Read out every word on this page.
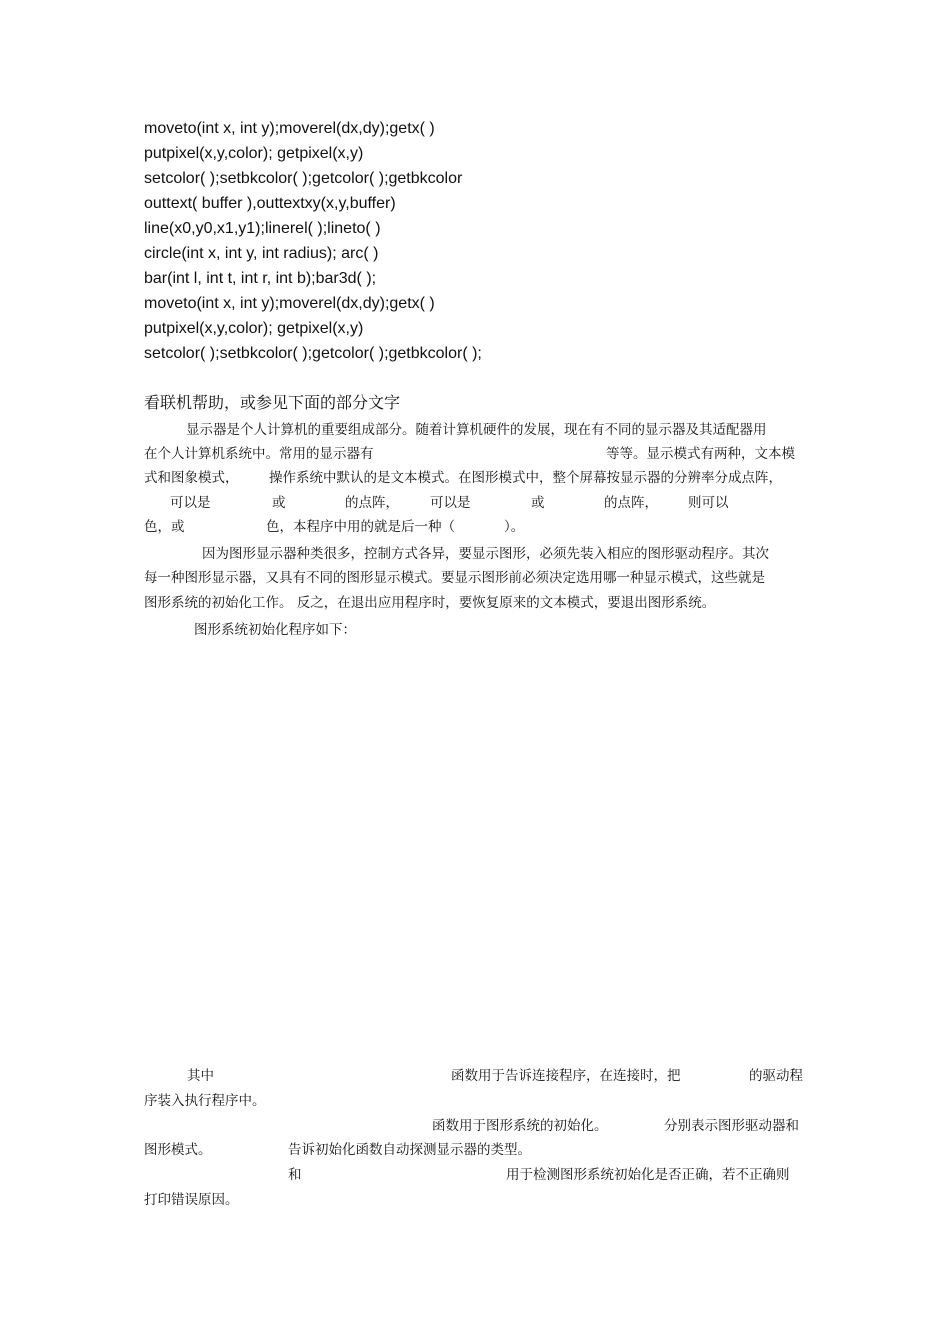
moveto(int x, int y);moverel(dx,dy);getx( )
putpixel(x,y,color); getpixel(x,y)
setcolor( );setbkcolor( );getcolor( );getbkcolor
outtext( buffer ),outtextxy(x,y,buffer)
line(x0,y0,x1,y1);linerel( );lineto( )
circle(int x, int y, int radius); arc( )
bar(int l, int t, int r, int b);bar3d( );
moveto(int x, int y);moverel(dx,dy);getx( )
putpixel(x,y,color); getpixel(x,y)
setcolor( );setbkcolor( );getcolor( );getbkcolor( );
看联机帮助，或参见下面的部分文字
显示器是个人计算机的重要组成部分。随着计算机硬件的发展，现在有不同的显示器及其适配器用
在个人计算机系统中。常用的显示器有	等等。显示模式有两种，文本模
式和图象模式， 操作系统中默认的是文本模式。在图形模式中，整个屏幕按显示器的分辨率分成点阵，
可以是	或	的点阵， 可以是	或	的点阵， 则可以
色，或	色，本程序中用的就是后一种（	）。
因为图形显示器种类很多，控制方式各异，要显示图形，必须先装入相应的图形驱动程序。其次
每一种图形显示器，又具有不同的图形显示模式。要显示图形前必须决定选用哪一种显示模式，这些就是
图形系统的初始化工作。 反之，在退出应用程序时，要恢复原来的文本模式，要退出图形系统。
图形系统初始化程序如下：
其中	函数用于告诉连接程序，在连接时，把	的驱动程
序装入执行程序中。
函数用于图形系统的初始化。	分别表示图形驱动器和
图形模式。	告诉初始化函数自动探测显示器的类型。
和	用于检测图形系统初始化是否正确，若不正确则
打印错误原因。
